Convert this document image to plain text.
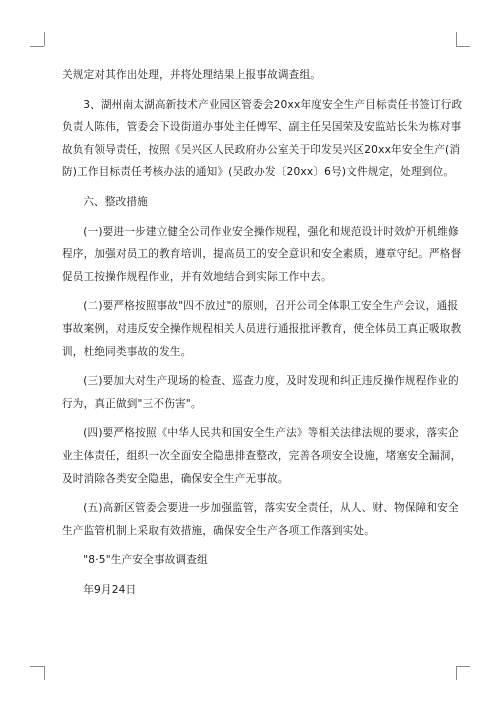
关规定对其作出处理，并将处理结果上报事故调查组。

3、湖州南太湖高新技术产业园区管委会20xx年度安全生产目标责任书签订行政
负责人陈伟，管委会下设街道办事处主任傅军、副主任吴国荣及安监站长朱为栋对事
故负有领导责任，按照《吴兴区人民政府办公室关于印发吴兴区20xx年安全生产(消
防)工作目标责任考核办法的通知》(吴政办发〔20xx〕6号)文件规定，处理到位。

六、整改措施

(一)要进一步建立健全公司作业安全操作规程，强化和规范设计时效炉开机维修
程序，加强对员工的教育培训，提高员工的安全意识和安全素质，遵章守纪。严格督
促员工按操作规程作业，并有效地结合到实际工作中去。

(二)要严格按照事故"四不放过"的原则，召开公司全体职工安全生产会议，通报
事故案例，对违反安全操作规程相关人员进行通报批评教育，使全体员工真正吸取教
训，杜绝同类事故的发生。

(三)要加大对生产现场的检查、巡查力度，及时发现和纠正违反操作规程作业的
行为，真正做到"三不伤害"。

(四)要严格按照《中华人民共和国安全生产法》等相关法律法规的要求，落实企
业主体责任，组织一次全面安全隐患排查整改，完善各项安全设施，堵塞安全漏洞，
及时消除各类安全隐患，确保安全生产无事故。

(五)高新区管委会要进一步加强监管，落实安全责任，从人、财、物保障和安全
生产监管机制上采取有效措施，确保安全生产各项工作落到实处。

"8·5"生产安全事故调查组

年9月24日
